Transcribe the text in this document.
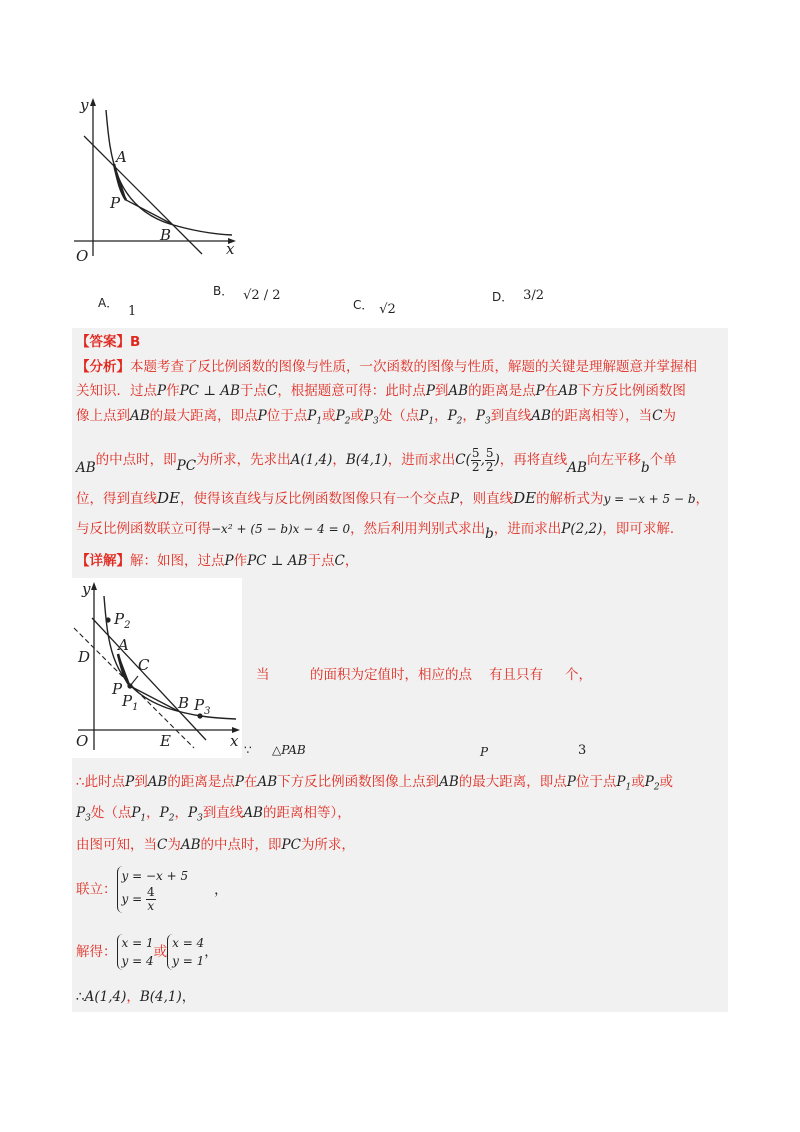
y
x
O
A
P
B
A． 1
B． √2 / 2
C． √2
D． 3/2
【答案】B
【分析】本题考查了反比例函数的图像与性质，一次函数的图像与性质，解题的关键是理解题意并掌握相
关知识．过点P作PC ⊥ AB于点C，根据题意可得：此时点P到AB的距离是点P在AB下方反比例函数图
像上点到AB的最大距离，即点P位于点$P_1$或$P_2$或$P_3$处（点$P_1$，$P_2$，$P_3$到直线AB的距离相等），当C为
AB的中点时，即PC为所求，先求出A(1,4)，B(4,1)，进而求出$C( \frac{5}{2}$ , $\frac{5}{2}$ )，再将直线AB向左平移b个单
位，得到直线DE，使得该直线与反比例函数图像只有一个交点P，则直线DE的解析式为y = −x + 5 − b，
与反比例函数联立可得−x² + (5 − b)x − 4 = 0，然后利用判别式求出b，进而求出P(2,2)，即可求解．
【详解】解：如图，过点P作PC ⊥ AB于点C，
y
x
O
D
E
A
C
P
B
$P_1$
$P_2$
$P_3$
当	的面积为定值时，相应的点 有且只有 个，
∵ △PAB	P	3
∴此时点P到AB的距离是点P在AB下方反比例函数图像上点到AB的最大距离，即点P位于点$P_1$或$P_2$或
$P_3$处（点$P_1$，$P_2$，$P_3$到直线AB的距离相等），
由图可知，当C为AB的中点时，即PC为所求，
联立：
y = −x + 5
$y = \frac{4}{x}$	，
解得：
x = 1
y = 4
或
x = 4
y = 1
，
∴A(1,4)，B(4,1)，
